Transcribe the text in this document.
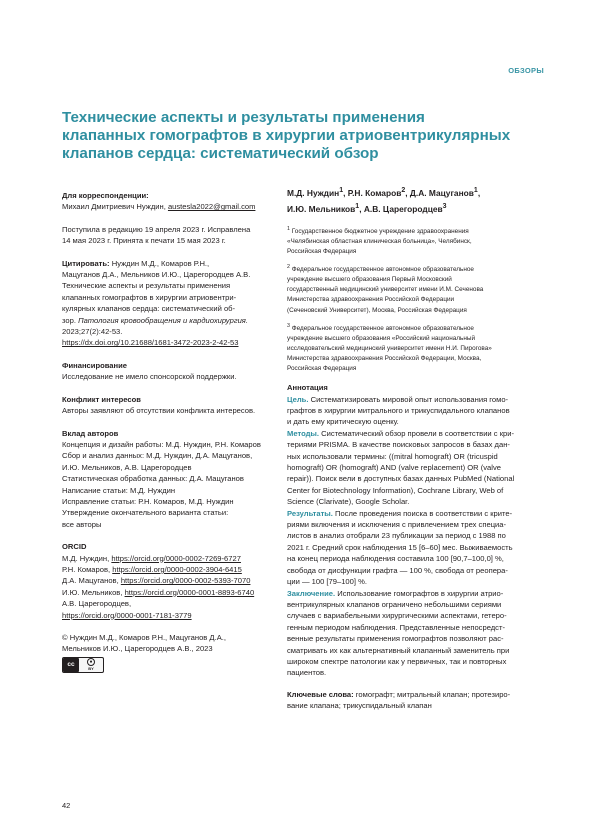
ОБЗОРЫ
Технические аспекты и результаты применения
клапанных гомографтов в хирургии атриовентрикулярных
клапанов сердца: систематический обзор
Для корреспонденции:
Михаил Дмитриевич Нуждин, austesla2022@gmail.com
Поступила в редакцию 19 апреля 2023 г. Исправлена
14 мая 2023 г. Принята к печати 15 мая 2023 г.
Цитировать: Нуждин М.Д., Комаров Р.Н.,
Мацуганов Д.А., Мельников И.Ю., Царегородцев А.В.
Технические аспекты и результаты применения
клапанных гомографтов в хирургии атриовентри-
кулярных клапанов сердца: систематический об-
зор. Патология кровообращения и кардиохирургия.
2023;27(2):42-53.
https://dx.doi.org/10.21688/1681-3472-2023-2-42-53
Финансирование
Исследование не имело спонсорской поддержки.
Конфликт интересов
Авторы заявляют об отсутствии конфликта интересов.
Вклад авторов
Концепция и дизайн работы: М.Д. Нуждин, Р.Н. Комаров
Сбор и анализ данных: М.Д. Нуждин, Д.А. Мацуганов,
И.Ю. Мельников, А.В. Царегородцев
Статистическая обработка данных: Д.А. Мацуганов
Написание статьи: М.Д. Нуждин
Исправление статьи: Р.Н. Комаров, М.Д. Нуждин
Утверждение окончательного варианта статьи:
все авторы
ORCID
М.Д. Нуждин, https://orcid.org/0000-0002-7269-6727
Р.Н. Комаров, https://orcid.org/0000-0002-3904-6415
Д.А. Мацуганов, https://orcid.org/0000-0002-5393-7070
И.Ю. Мельников, https://orcid.org/0000-0001-8893-6740
А.В. Царегородцев,
https://orcid.org/0000-0001-7181-3779
© Нуждин М.Д., Комаров Р.Н., Мацуганов Д.А.,
Мельников И.Ю., Царегородцев А.В., 2023
cc	●
BY
М.Д. Нуждин$^1$, Р.Н. Комаров$^2$, Д.А. Мацуганов$^1$,
И.Ю. Мельников$^1$, А.В. Царегородцев$^3$
$^1$ Государственное бюджетное учреждение здравоохранения
«Челябинская областная клиническая больница», Челябинск,
Российская Федерация
$^2$ Федеральное государственное автономное образовательное
учреждение высшего образования Первый Московский
государственный медицинский университет имени И.М. Сеченова
Министерства здравоохранения Российской Федерации
(Сеченовский Университет), Москва, Российская Федерация
$^3$ Федеральное государственное автономное образовательное
учреждение высшего образования «Российский национальный
исследовательский медицинский университет имени Н.И. Пирогова»
Министерства здравоохранения Российской Федерации, Москва,
Российская Федерация
Аннотация
Цель. Систематизировать мировой опыт использования гомо-
графтов в хирургии митрального и трикуспидального клапанов
и дать ему критическую оценку.
Методы. Систематический обзор провели в соответствии с кри-
териями PRISMA. В качестве поисковых запросов в базах дан-
ных использовали термины: ((mitral homograft) OR (tricuspid
homograft) OR (homograft) AND (valve replacement) OR (valve
repair)). Поиск вели в доступных базах данных PubMed (National
Center for Biotechnology Information), Cochrane Library, Web of
Science (Clarivate), Google Scholar.
Результаты. После проведения поиска в соответствии с крите-
риями включения и исключения с привлечением трех специа-
листов в анализ отобрали 23 публикации за период с 1988 по
2021 г. Средний срок наблюдения 15 [6–60] мес. Выживаемость
на конец периода наблюдения составила 100 [90,7–100,0] %,
свобода от дисфункции графта — 100 %, свобода от реопера-
ции — 100 [79–100] %.
Заключение. Использование гомографтов в хирургии атрио-
вентрикулярных клапанов ограничено небольшими сериями
случаев с вариабельными хирургическими аспектами, гетеро-
генным периодом наблюдения. Представленные непосредст-
венные результаты применения гомографтов позволяют рас-
сматривать их как альтернативный клапанный заменитель при
широком спектре патологии как у первичных, так и повторных
пациентов.
Ключевые слова: гомографт; митральный клапан; протезиро-
вание клапана; трикуспидальный клапан
42
